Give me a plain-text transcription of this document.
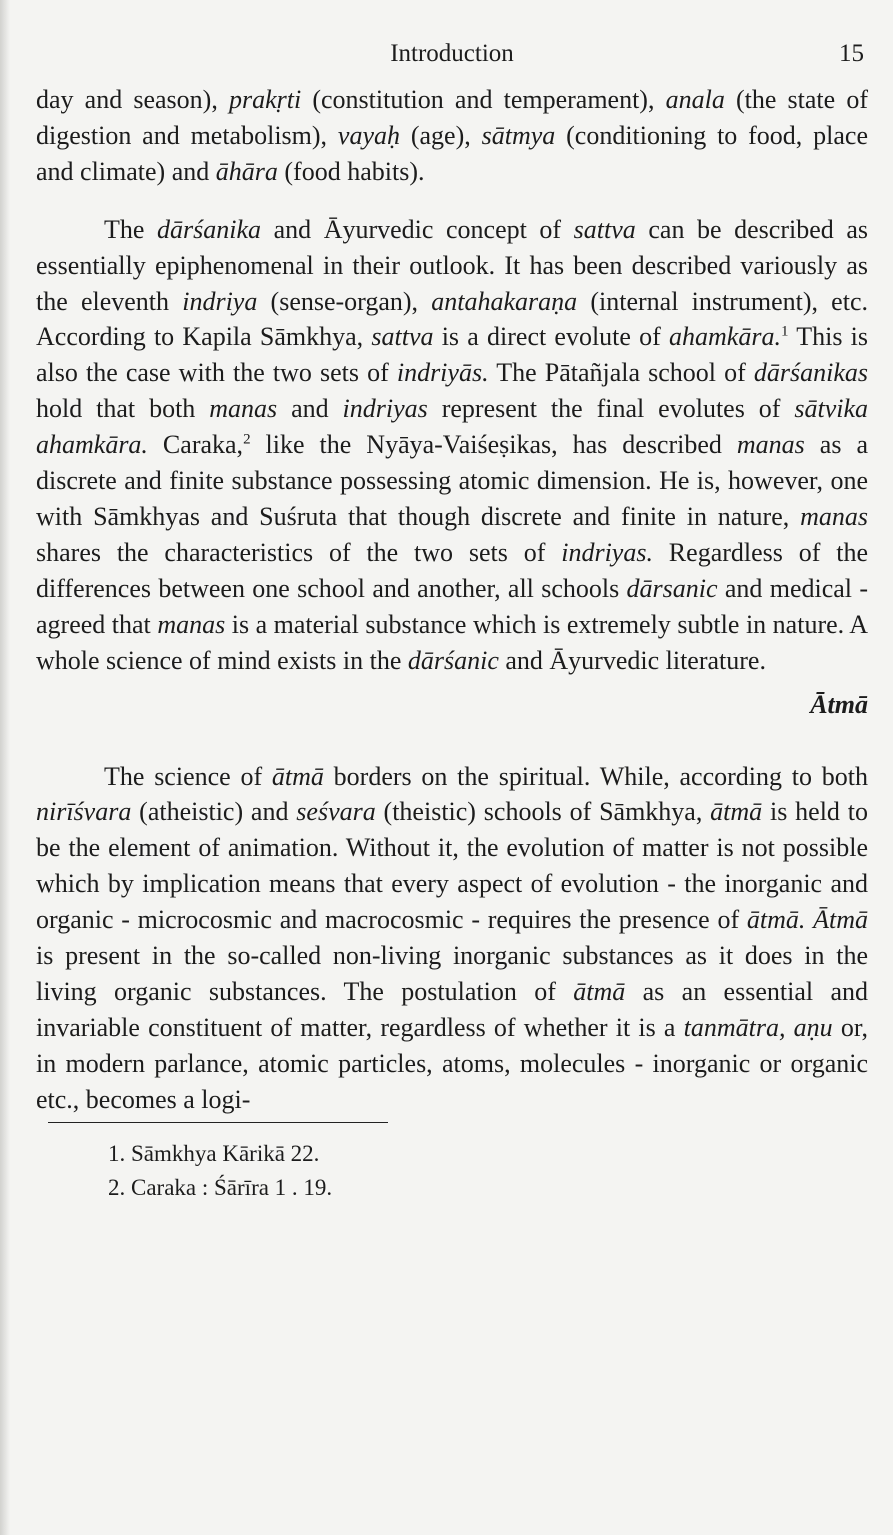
Introduction	15

day and season), prakṛti (constitution and temperament), anala (the state of digestion and metabolism), vayaḥ (age), sātmya (conditioning to food, place and climate) and āhāra (food habits).

The dārśanika and Āyurvedic concept of sattva can be described as essentially epiphenomenal in their outlook. It has been described variously as the eleventh indriya (sense-organ), antahakaraṇa (internal instrument), etc. According to Kapila Sāmkhya, sattva is a direct evolute of ahamkāra.$^1$ This is also the case with the two sets of indriyās. The Pātañjala school of dārśanikas hold that both manas and indriyas represent the final evolutes of sātvika ahamkāra. Caraka,$^2$ like the Nyāya-Vaiśeṣikas, has described manas as a discrete and finite substance possessing atomic dimension. He is, however, one with Sāmkhyas and Suśruta that though discrete and finite in nature, manas shares the characteristics of the two sets of indriyas. Regardless of the differences between one school and another, all schools dārsanic and medical - agreed that manas is a material substance which is extremely subtle in nature. A whole science of mind exists in the dārśanic and Āyurvedic literature.

Ātmā

The science of ātmā borders on the spiritual. While, according to both nirīśvara (atheistic) and seśvara (theistic) schools of Sāmkhya, ātmā is held to be the element of animation. Without it, the evolution of matter is not possible which by implication means that every aspect of evolution - the inorganic and organic - microcosmic and macrocosmic - requires the presence of ātmā. Ātmā is present in the so-called non-living inorganic substances as it does in the living organic substances. The postulation of ātmā as an essential and invariable constituent of matter, regardless of whether it is a tanmātra, aṇu or, in modern parlance, atomic particles, atoms, molecules - inorganic or organic etc., becomes a logi-

1. Sāmkhya Kārikā 22.
2. Caraka : Śārīra 1 . 19.
